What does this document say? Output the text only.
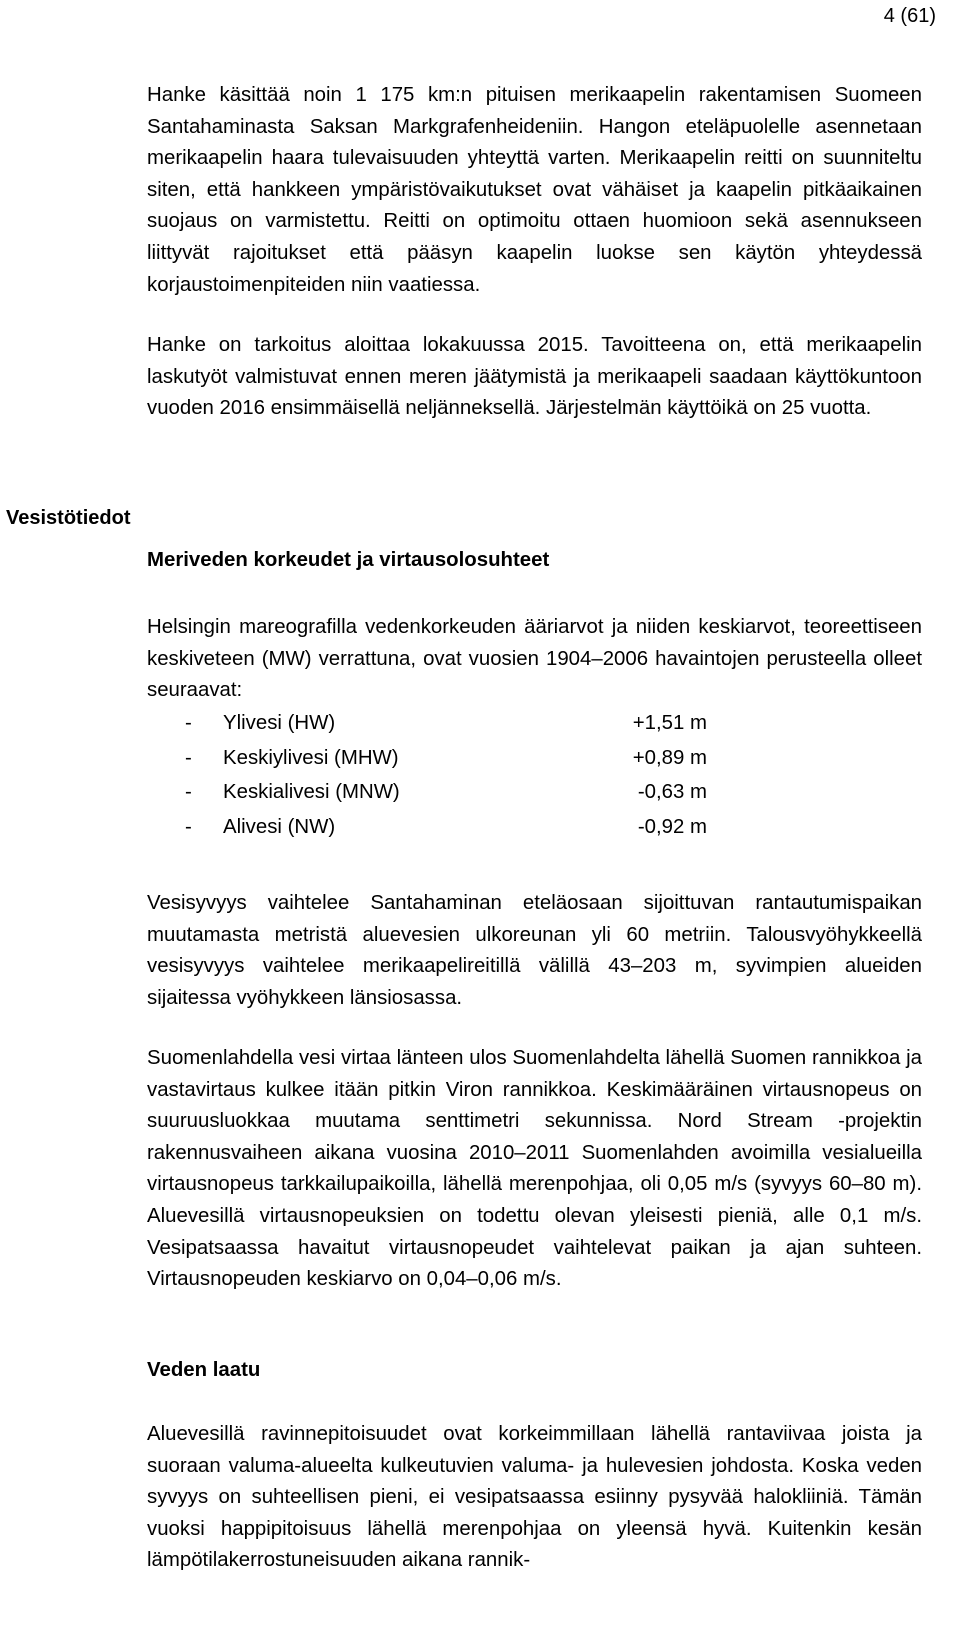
4 (61)
Vesistötiedot

Hanke käsittää noin 1 175 km:n pituisen merikaapelin rakentamisen Suomeen Santahaminasta Saksan Markgrafenheideniin. Hangon eteläpuolelle asennetaan merikaapelin haara tulevaisuuden yhteyttä varten. Merikaapelin reitti on suunniteltu siten, että hankkeen ympäristövaikutukset ovat vähäiset ja kaapelin pitkäaikainen suojaus on varmistettu. Reitti on optimoitu ottaen huomioon sekä asennukseen liittyvät rajoitukset että pääsyn kaapelin luokse sen käytön yhteydessä korjaustoimenpiteiden niin vaatiessa.

Hanke on tarkoitus aloittaa lokakuussa 2015. Tavoitteena on, että merikaapelin laskutyöt valmistuvat ennen meren jäätymistä ja merikaapeli saadaan käyttökuntoon vuoden 2016 ensimmäisellä neljänneksellä. Järjestelmän käyttöikä on 25 vuotta.

Meriveden korkeudet ja virtausolosuhteet

Helsingin mareografilla vedenkorkeuden ääriarvot ja niiden keskiarvot, teoreettiseen keskiveteen (MW) verrattuna, ovat vuosien 1904–2006 havaintojen perusteella olleet seuraavat:

- Ylivesi (HW)	+1,51 m
- Keskiylivesi (MHW)	+0,89 m
- Keskialivesi (MNW)	-0,63 m
- Alivesi (NW)	-0,92 m

Vesisyvyys vaihtelee Santahaminan eteläosaan sijoittuvan rantautumispaikan muutamasta metristä aluevesien ulkoreunan yli 60 metriin. Talousvyöhykkeellä vesisyvyys vaihtelee merikaapelireitillä välillä 43–203 m, syvimpien alueiden sijaitessa vyöhykkeen länsiosassa.

Suomenlahdella vesi virtaa länteen ulos Suomenlahdelta lähellä Suomen rannikkoa ja vastavirtaus kulkee itään pitkin Viron rannikkoa. Keskimääräinen virtausnopeus on suuruusluokkaa muutama senttimetri sekunnissa. Nord Stream -projektin rakennusvaiheen aikana vuosina 2010–2011 Suomenlahden avoimilla vesialueilla virtausnopeus tarkkailupaikoilla, lähellä merenpohjaa, oli 0,05 m/s (syvyys 60–80 m). Aluevesillä virtausnopeuksien on todettu olevan yleisesti pieniä, alle 0,1 m/s. Vesipatsaassa havaitut virtausnopeudet vaihtelevat paikan ja ajan suhteen. Virtausnopeuden keskiarvo on 0,04–0,06 m/s.

Veden laatu

Aluevesillä ravinnepitoisuudet ovat korkeimmillaan lähellä rantaviivaa joista ja suoraan valuma-alueelta kulkeutuvien valuma- ja hulevesien johdosta. Koska veden syvyys on suhteellisen pieni, ei vesipatsaassa esiinny pysyvää halokliiniä. Tämän vuoksi happipitoisuus lähellä merenpohjaa on yleensä hyvä. Kuitenkin kesän lämpötilakerrostuneisuuden aikana rannik-
